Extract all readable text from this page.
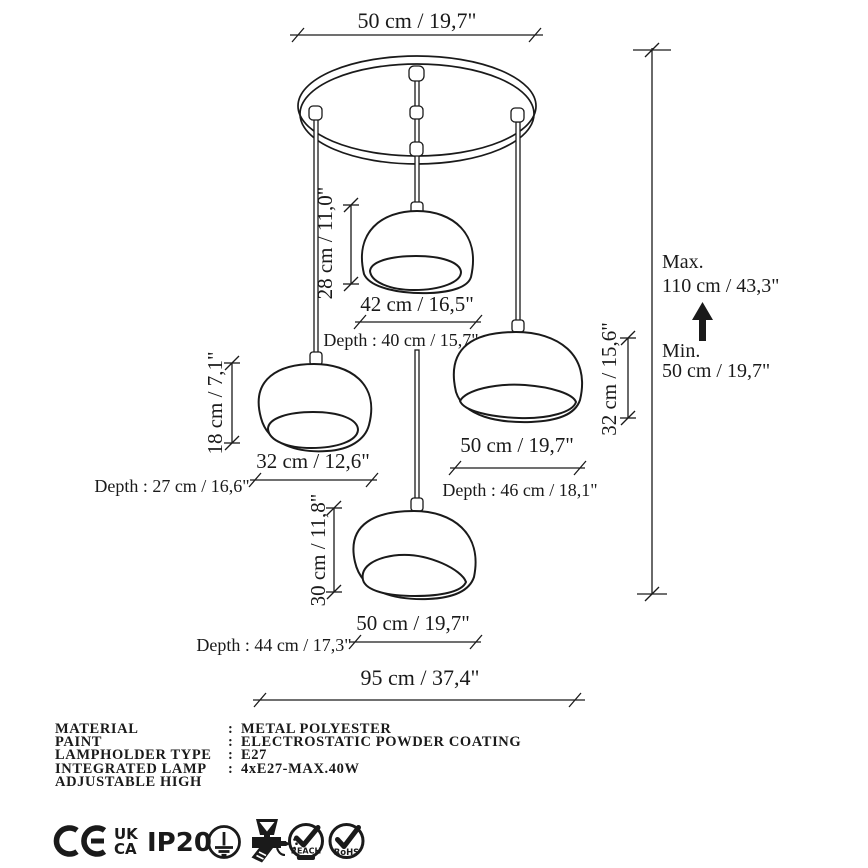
50 cm / 19,7"
28 cm / 11,0"
42 cm / 16,5"
Depth : 40 cm / 15,7"
18 cm / 7,1"
32 cm / 12,6"
Depth : 27 cm / 16,6"
32 cm / 15,6"
50 cm / 19,7"
Depth : 46 cm / 18,1"
30 cm / 11,8"
50 cm / 19,7"
Depth : 44 cm / 17,3"
95 cm / 37,4"
Max.
110 cm / 43,3"
Min.
50 cm / 19,7"
MATERIAL	: METAL POLYESTER
PAINT	: ELECTROSTATIC POWDER COATING
LAMPHOLDER TYPE	: E27
INTEGRATED LAMP	: 4xE27-MAX.40W
ADJUSTABLE HIGH
UK
CA IP20	REACH
COMPLIANT RoHS
